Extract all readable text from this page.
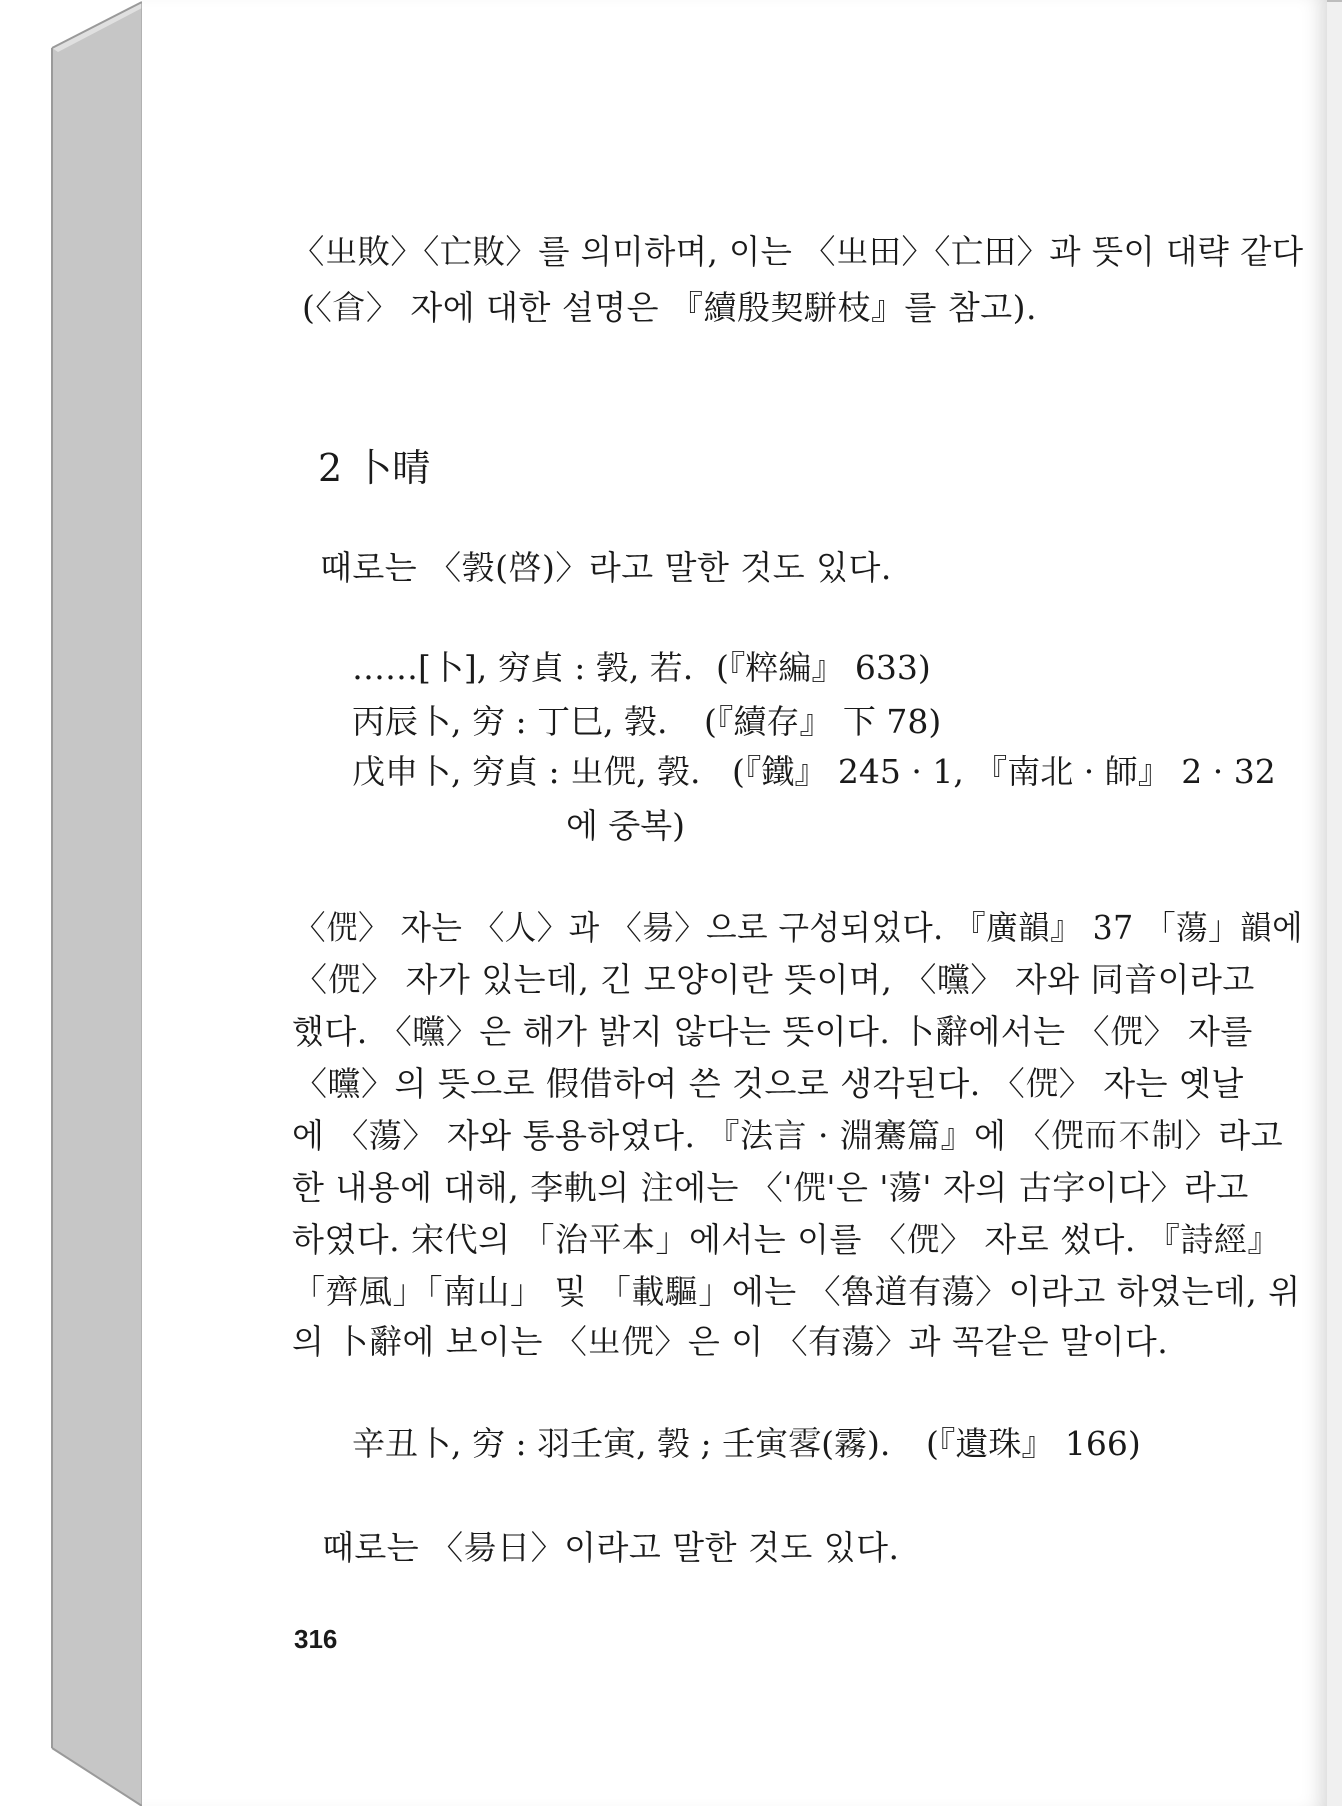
〈㞢敗〉〈亡敗〉를 의미하며, 이는 〈㞢田〉〈亡田〉과 뜻이 대략 같다
(〈𣌭〉 자에 대한 설명은 『續殷契駢枝』를 참고).
2 卜晴
때로는 〈㝅(啓)〉라고 말한 것도 있다.
……[卜], 穷貞 : 㝅, 若. (『粹編』 633)
丙辰卜, 穷 : 丁巳, 㝅. (『續存』 下 78)
戊申卜, 穷貞 : 㞢𠋨, 㝅. (『鐵』 245 · 1, 『南北 · 師』 2 · 32
에 중복)
〈𠋨〉 자는 〈人〉과 〈昜〉으로 구성되었다. 『廣韻』 37 「蕩」韻에
〈𠋨〉 자가 있는데, 긴 모양이란 뜻이며, 〈曭〉 자와 同音이라고
했다. 〈曭〉은 해가 밝지 않다는 뜻이다. 卜辭에서는 〈𠋨〉 자를
〈曭〉의 뜻으로 假借하여 쓴 것으로 생각된다. 〈𠋨〉 자는 옛날
에 〈蕩〉 자와 통용하였다. 『法言 · 淵騫篇』에 〈𠋨而不制〉라고
한 내용에 대해, 李軌의 注에는 〈'𠋨'은 '蕩' 자의 古字이다〉라고
하였다. 宋代의 「治平本」에서는 이를 〈𠋨〉 자로 썼다. 『詩經』
「齊風」「南山」 및 「載驅」에는 〈魯道有蕩〉이라고 하였는데, 위
의 卜辭에 보이는 〈㞢𠋨〉은 이 〈有蕩〉과 꼭같은 말이다.
辛丑卜, 穷 : 羽壬寅, 㝅 ; 壬寅𩂣(霧). (『遺珠』 166)
때로는 〈昜日〉이라고 말한 것도 있다.
316
